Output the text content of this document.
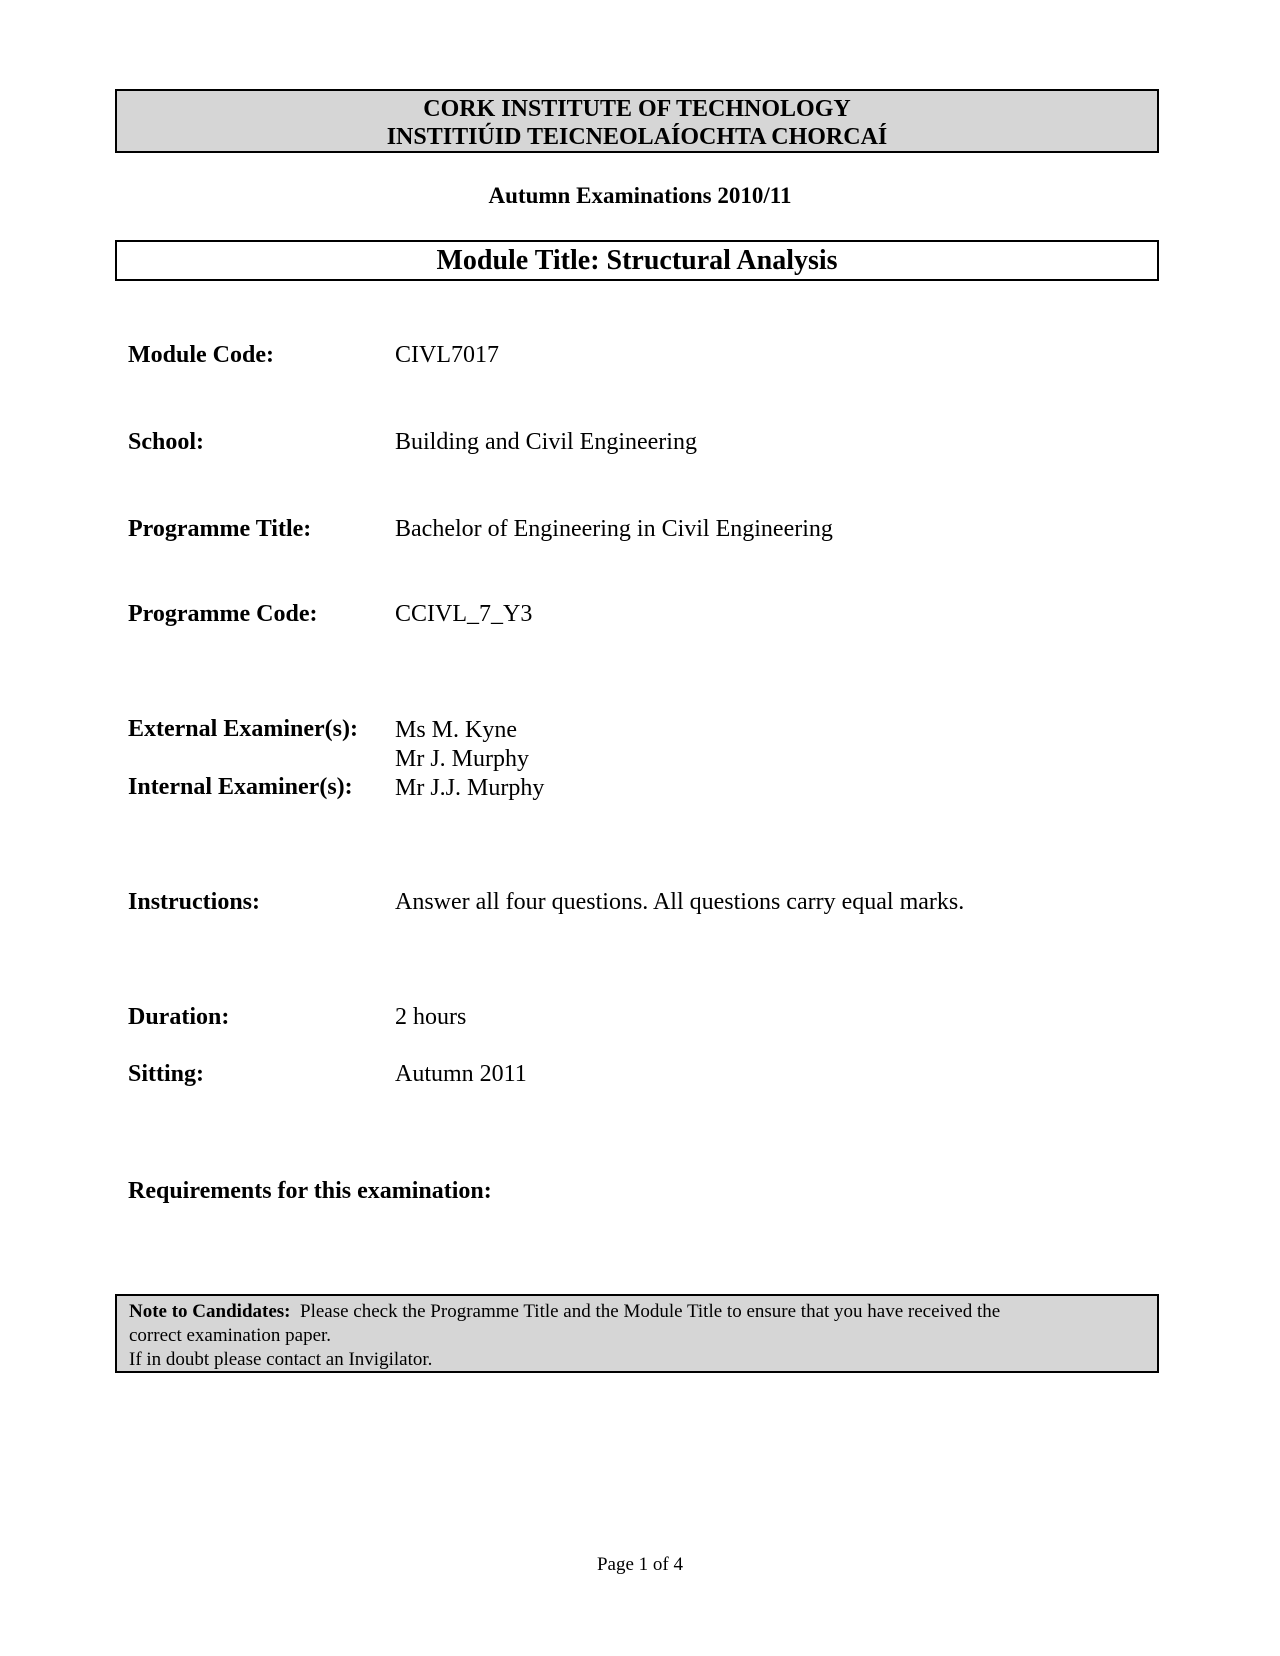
CORK INSTITUTE OF TECHNOLOGY
INSTITIÚID TEICNEOLAÍOCHTA CHORCAÍ
Autumn Examinations 2010/11
Module Title: Structural Analysis
Module Code:	CIVL7017
School:	Building and Civil Engineering
Programme Title:	Bachelor of Engineering in Civil Engineering
Programme Code:	CCIVL_7_Y3
External Examiner(s): Ms M. Kyne
Mr J. Murphy
Internal Examiner(s): Mr J.J. Murphy
Instructions:	Answer all four questions. All questions carry equal marks.
Duration:	2 hours
Sitting:	Autumn 2011
Requirements for this examination:
Note to Candidates: Please check the Programme Title and the Module Title to ensure that you have received the
correct examination paper.
If in doubt please contact an Invigilator.
Page 1 of 4
